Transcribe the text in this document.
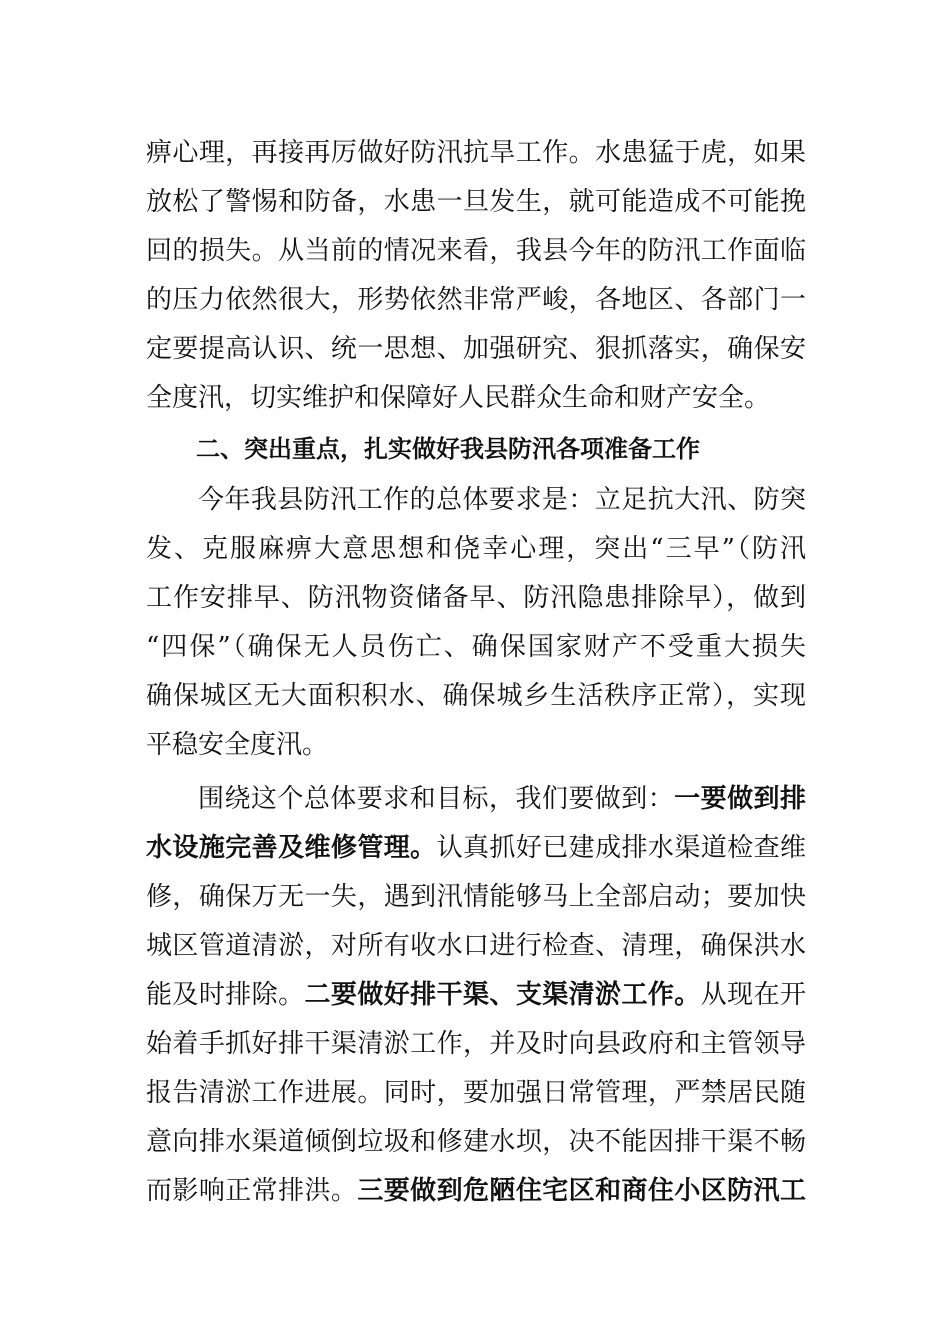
痹心理，再接再厉做好防汛抗旱工作。水患猛于虎，如果
放松了警惕和防备，水患一旦发生，就可能造成不可能挽
回的损失。从当前的情况来看，我县今年的防汛工作面临
的压力依然很大，形势依然非常严峻，各地区、各部门一
定要提高认识、统一思想、加强研究、狠抓落实，确保安
全度汛，切实维护和保障好人民群众生命和财产安全。
二、突出重点，扎实做好我县防汛各项准备工作
今年我县防汛工作的总体要求是：立足抗大汛、防突
发、克服麻痹大意思想和侥幸心理，突出“三早”（防汛
工作安排早、防汛物资储备早、防汛隐患排除早），做到
“四保”（确保无人员伤亡、确保国家财产不受重大损失
确保城区无大面积积水、确保城乡生活秩序正常），实现
平稳安全度汛。
围绕这个总体要求和目标，我们要做到：一要做到排
水设施完善及维修管理。认真抓好已建成排水渠道检查维
修，确保万无一失，遇到汛情能够马上全部启动；要加快
城区管道清淤，对所有收水口进行检查、清理，确保洪水
能及时排除。二要做好排干渠、支渠清淤工作。从现在开
始着手抓好排干渠清淤工作，并及时向县政府和主管领导
报告清淤工作进展。同时，要加强日常管理，严禁居民随
意向排水渠道倾倒垃圾和修建水坝，决不能因排干渠不畅
而影响正常排洪。三要做到危陋住宅区和商住小区防汛工
